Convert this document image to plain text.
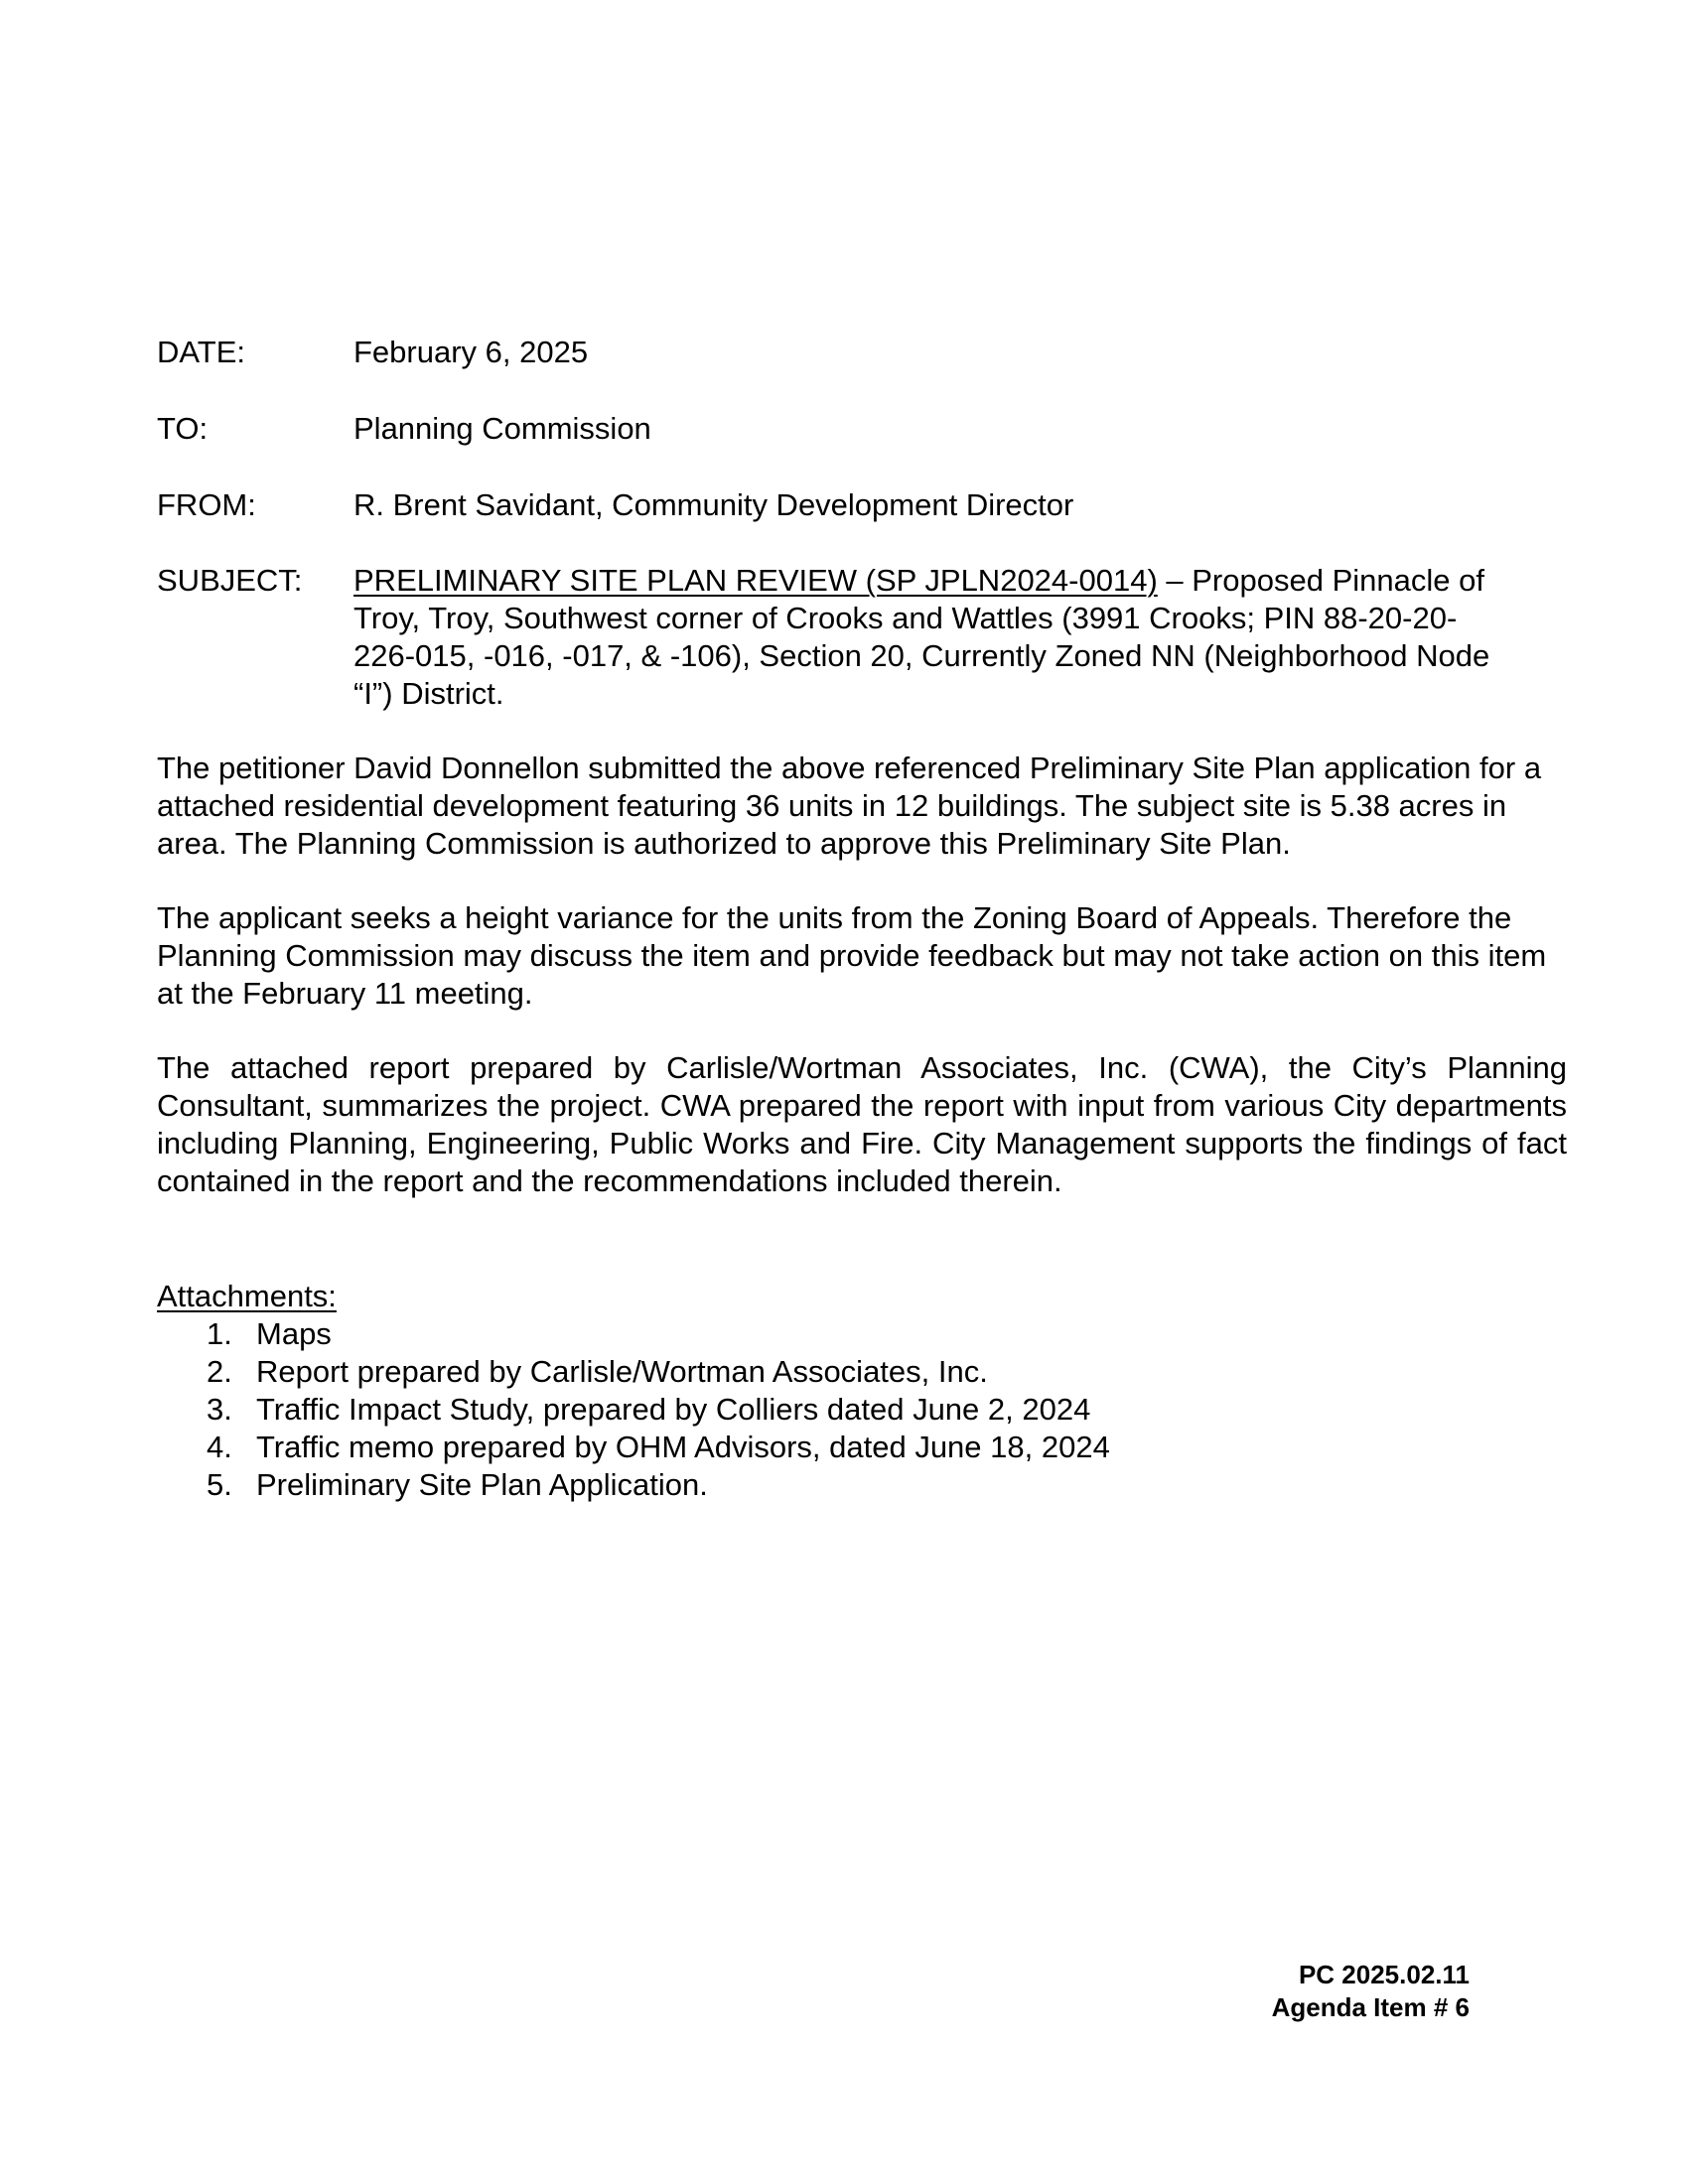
DATE:	February 6, 2025
TO:	Planning Commission
FROM:	R. Brent Savidant, Community Development Director
SUBJECT: PRELIMINARY SITE PLAN REVIEW (SP JPLN2024-0014) – Proposed Pinnacle of
Troy, Troy, Southwest corner of Crooks and Wattles (3991 Crooks; PIN 88-20-20-
226-015, -016, -017, & -106), Section 20, Currently Zoned NN (Neighborhood Node
“I”) District.

The petitioner David Donnellon submitted the above referenced Preliminary Site Plan application for a attached residential development featuring 36 units in 12 buildings. The subject site is 5.38 acres in area. The Planning Commission is authorized to approve this Preliminary Site Plan.

The applicant seeks a height variance for the units from the Zoning Board of Appeals. Therefore the Planning Commission may discuss the item and provide feedback but may not take action on this item at the February 11 meeting.

The attached report prepared by Carlisle/Wortman Associates, Inc. (CWA), the City’s Planning Consultant, summarizes the project. CWA prepared the report with input from various City departments including Planning, Engineering, Public Works and Fire. City Management supports the findings of fact contained in the report and the recommendations included therein.

Attachments:
1. Maps
2. Report prepared by Carlisle/Wortman Associates, Inc.
3. Traffic Impact Study, prepared by Colliers dated June 2, 2024
4. Traffic memo prepared by OHM Advisors, dated June 18, 2024
5. Preliminary Site Plan Application.
PC 2025.02.11
Agenda Item # 6
